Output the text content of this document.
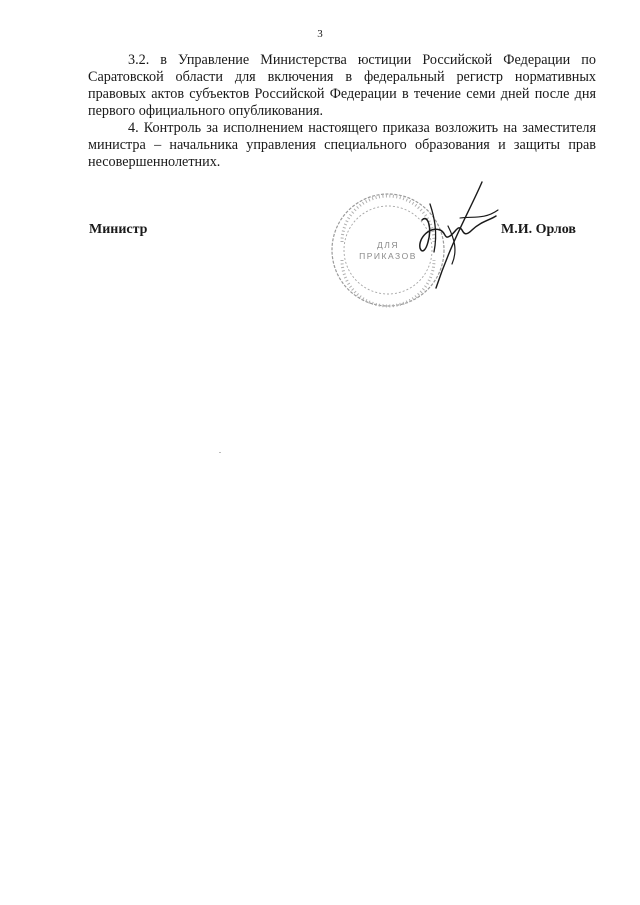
3

3.2. в Управление Министерства юстиции Российской Федерации по Саратовской области для включения в федеральный регистр нормативных правовых актов субъектов Российской Федерации в течение семи дней после дня первого официального опубликования.

4. Контроль за исполнением настоящего приказа возложить на заместителя министра – начальника управления специального образования и защиты прав несовершеннолетних.

ДЛЯ
ПРИКАЗОВ
Министр	М.И. Орлов
